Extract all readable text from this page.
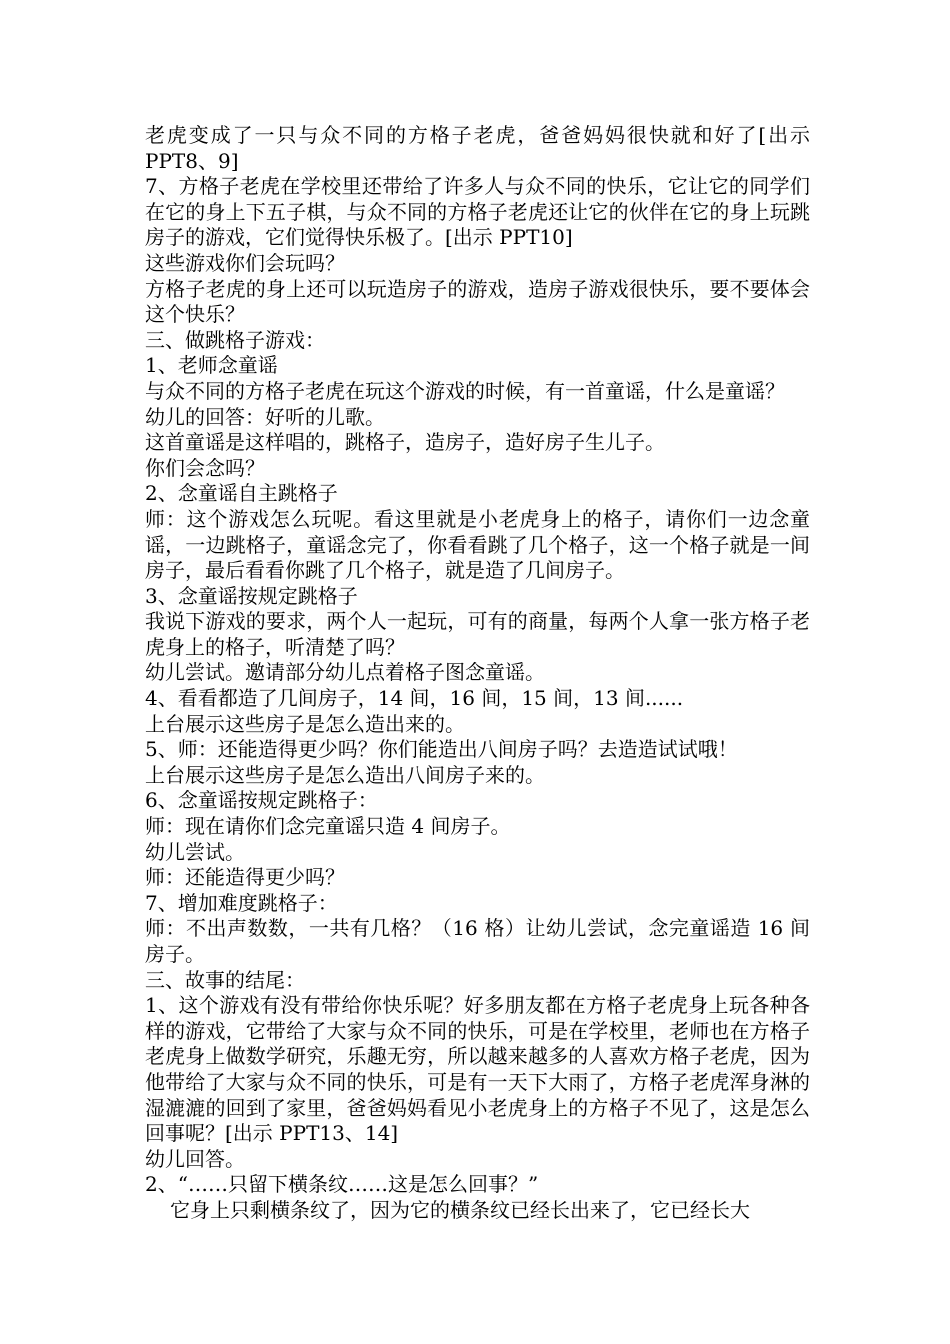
老虎变成了一只与众不同的方格子老虎，爸爸妈妈很快就和好了[出示 PPT8、9]

7、方格子老虎在学校里还带给了许多人与众不同的快乐，它让它的同学们在它的身上下五子棋，与众不同的方格子老虎还让它的伙伴在它的身上玩跳房子的游戏，它们觉得快乐极了。[出示 PPT10]

这些游戏你们会玩吗？

方格子老虎的身上还可以玩造房子的游戏，造房子游戏很快乐，要不要体会这个快乐？

三、做跳格子游戏：

1、老师念童谣

与众不同的方格子老虎在玩这个游戏的时候，有一首童谣，什么是童谣？

幼儿的回答：好听的儿歌。

这首童谣是这样唱的，跳格子，造房子，造好房子生儿子。

你们会念吗？

2、念童谣自主跳格子

师：这个游戏怎么玩呢。看这里就是小老虎身上的格子，请你们一边念童谣，一边跳格子，童谣念完了，你看看跳了几个格子，这一个格子就是一间房子，最后看看你跳了几个格子，就是造了几间房子。

3、念童谣按规定跳格子

我说下游戏的要求，两个人一起玩，可有的商量，每两个人拿一张方格子老虎身上的格子，听清楚了吗？

幼儿尝试。邀请部分幼儿点着格子图念童谣。

4、看看都造了几间房子，14 间，16 间，15 间，13 间......

上台展示这些房子是怎么造出来的。

5、师：还能造得更少吗？你们能造出八间房子吗？去造造试试哦！

上台展示这些房子是怎么造出八间房子来的。

6、念童谣按规定跳格子：

师：现在请你们念完童谣只造 4 间房子。

幼儿尝试。

师：还能造得更少吗？

7、增加难度跳格子：

师：不出声数数，一共有几格？（16 格）让幼儿尝试，念完童谣造 16 间房子。

三、故事的结尾：

1、这个游戏有没有带给你快乐呢？好多朋友都在方格子老虎身上玩各种各样的游戏，它带给了大家与众不同的快乐，可是在学校里，老师也在方格子老虎身上做数学研究，乐趣无穷，所以越来越多的人喜欢方格子老虎，因为他带给了大家与众不同的快乐，可是有一天下大雨了，方格子老虎浑身淋的湿漉漉的回到了家里，爸爸妈妈看见小老虎身上的方格子不见了，这是怎么回事呢？[出示 PPT13、14]

幼儿回答。

2、“……只留下横条纹……这是怎么回事？”

它身上只剩横条纹了，因为它的横条纹已经长出来了，它已经长大
